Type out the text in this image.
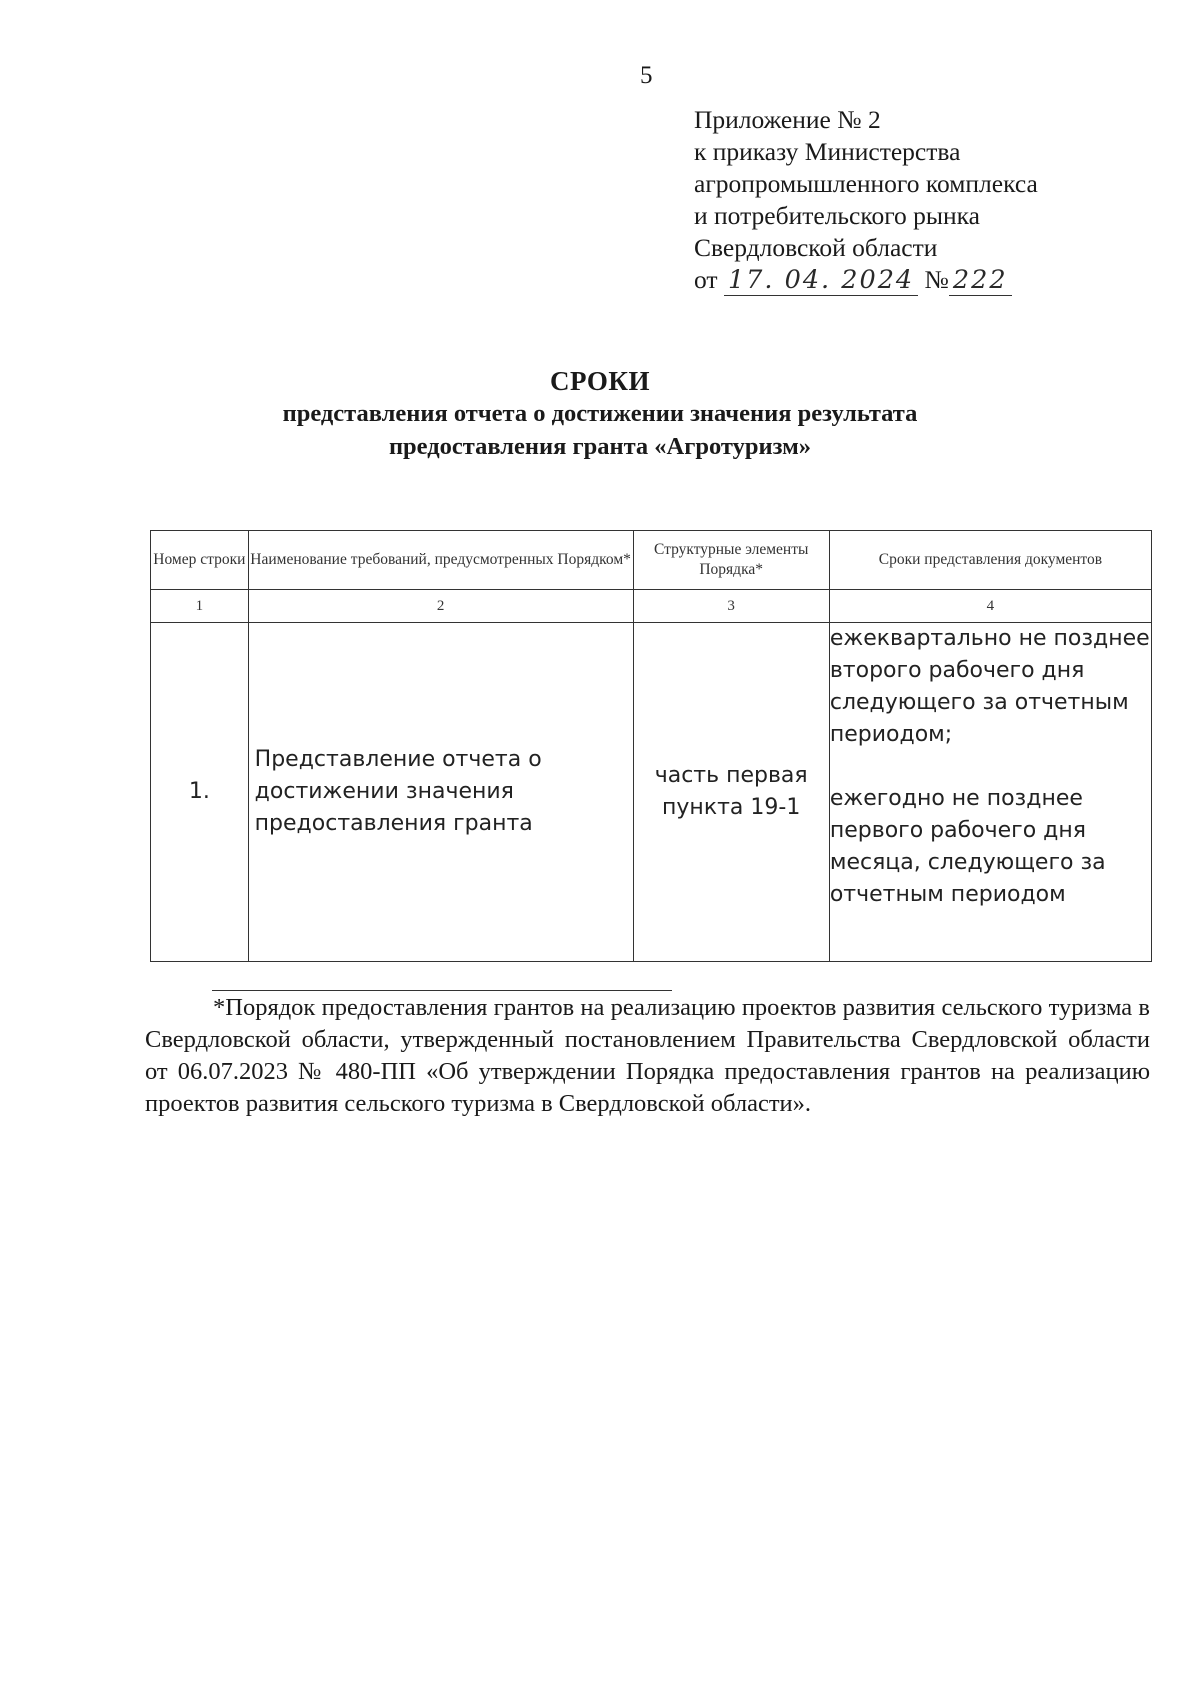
5
Приложение № 2
к приказу Министерства
агропромышленного комплекса
и потребительского рынка
Свердловской области
от 17. 04. 2024 № 222
СРОКИ
представления отчета о достижении значения результата
предоставления гранта «Агротуризм»
Номер строки	Наименование требований, предусмотренных Порядком*	Структурные элементы Порядка*	Сроки представления документов
1	2	3	4
1.	Представление отчета о достижении значения предоставления гранта	часть первая пункта 19-1	ежеквартально не позднее второго рабочего дня следующего за отчетным периодом;

ежегодно не позднее первого рабочего дня месяца, следующего за отчетным периодом

*Порядок предоставления грантов на реализацию проектов развития сельского туризма в Свердловской области, утвержденный постановлением Правительства Свердловской области от 06.07.2023 № 480-ПП «Об утверждении Порядка предоставления грантов на реализацию проектов развития сельского туризма в Свердловской области».
